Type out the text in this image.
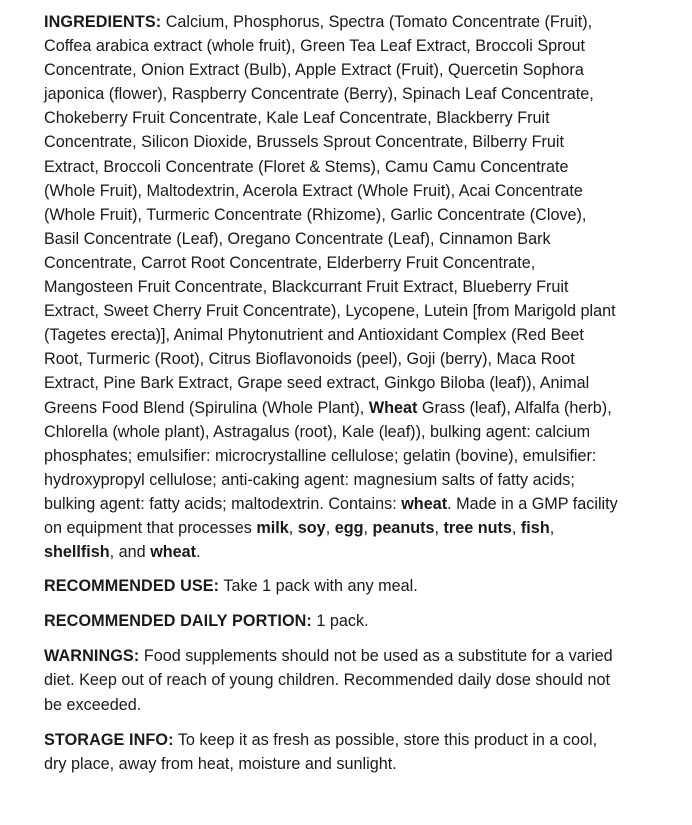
INGREDIENTS: Calcium, Phosphorus, Spectra (Tomato Concentrate (Fruit), Coffea arabica extract (whole fruit), Green Tea Leaf Extract, Broccoli Sprout Concentrate, Onion Extract (Bulb), Apple Extract (Fruit), Quercetin Sophora japonica (flower), Raspberry Concentrate (Berry), Spinach Leaf Concentrate, Chokeberry Fruit Concentrate, Kale Leaf Concentrate, Blackberry Fruit Concentrate, Silicon Dioxide, Brussels Sprout Concentrate, Bilberry Fruit Extract, Broccoli Concentrate (Floret & Stems), Camu Camu Concentrate (Whole Fruit), Maltodextrin, Acerola Extract (Whole Fruit), Acai Concentrate (Whole Fruit), Turmeric Concentrate (Rhizome), Garlic Concentrate (Clove), Basil Concentrate (Leaf), Oregano Concentrate (Leaf), Cinnamon Bark Concentrate, Carrot Root Concentrate, Elderberry Fruit Concentrate, Mangosteen Fruit Concentrate, Blackcurrant Fruit Extract, Blueberry Fruit Extract, Sweet Cherry Fruit Concentrate), Lycopene, Lutein [from Marigold plant (Tagetes erecta)], Animal Phytonutrient and Antioxidant Complex (Red Beet Root, Turmeric (Root), Citrus Bioflavonoids (peel), Goji (berry), Maca Root Extract, Pine Bark Extract, Grape seed extract, Ginkgo Biloba (leaf)), Animal Greens Food Blend (Spirulina (Whole Plant), Wheat Grass (leaf), Alfalfa (herb), Chlorella (whole plant), Astragalus (root), Kale (leaf)), bulking agent: calcium phosphates; emulsifier: microcrystalline cellulose; gelatin (bovine), emulsifier: hydroxypropyl cellulose; anti-caking agent: magnesium salts of fatty acids; bulking agent: fatty acids; maltodextrin. Contains: wheat. Made in a GMP facility on equipment that processes milk, soy, egg, peanuts, tree nuts, fish, shellfish, and wheat.

RECOMMENDED USE: Take 1 pack with any meal.

RECOMMENDED DAILY PORTION: 1 pack.

WARNINGS: Food supplements should not be used as a substitute for a varied diet. Keep out of reach of young children. Recommended daily dose should not be exceeded.

STORAGE INFO: To keep it as fresh as possible, store this product in a cool, dry place, away from heat, moisture and sunlight.
